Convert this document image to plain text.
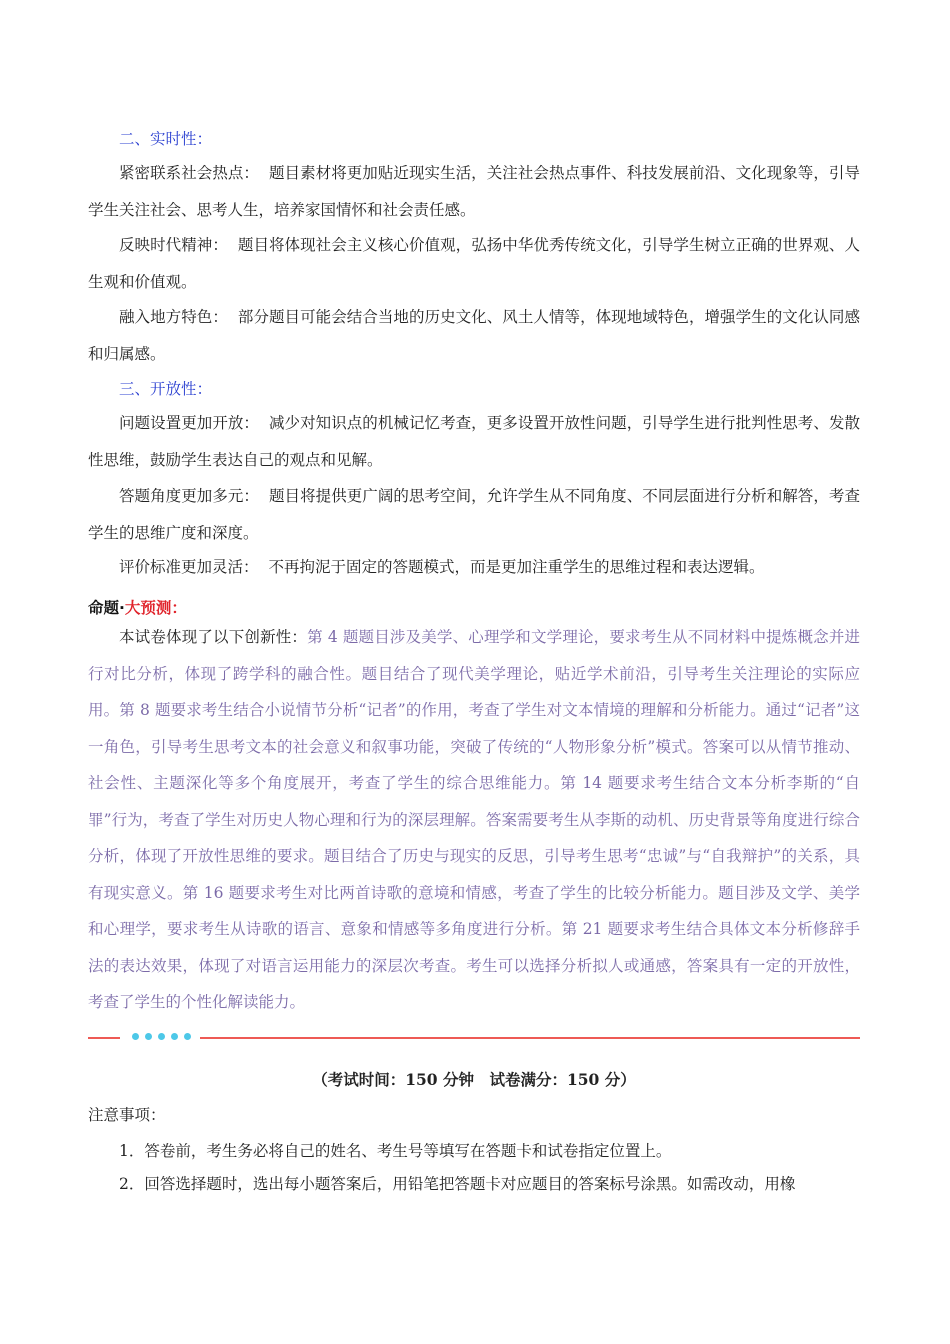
二、实时性：

紧密联系社会热点： 题目素材将更加贴近现实生活，关注社会热点事件、科技发展前沿、文化现象等，引导学生关注社会、思考人生，培养家国情怀和社会责任感。

反映时代精神： 题目将体现社会主义核心价值观，弘扬中华优秀传统文化，引导学生树立正确的世界观、人生观和价值观。

融入地方特色： 部分题目可能会结合当地的历史文化、风土人情等，体现地域特色，增强学生的文化认同感和归属感。

三、开放性：

问题设置更加开放： 减少对知识点的机械记忆考查，更多设置开放性问题，引导学生进行批判性思考、发散性思维，鼓励学生表达自己的观点和见解。

答题角度更加多元： 题目将提供更广阔的思考空间，允许学生从不同角度、不同层面进行分析和解答，考查学生的思维广度和深度。

评价标准更加灵活： 不再拘泥于固定的答题模式，而是更加注重学生的思维过程和表达逻辑。

命题·大预测：

本试卷体现了以下创新性：第 4 题题目涉及美学、心理学和文学理论，要求考生从不同材料中提炼概念并进行对比分析，体现了跨学科的融合性。题目结合了现代美学理论，贴近学术前沿，引导考生关注理论的实际应用。第 8 题要求考生结合小说情节分析“记者”的作用，考查了学生对文本情境的理解和分析能力。通过“记者”这一角色，引导考生思考文本的社会意义和叙事功能，突破了传统的“人物形象分析”模式。答案可以从情节推动、社会性、主题深化等多个角度展开，考查了学生的综合思维能力。第 14 题要求考生结合文本分析李斯的“自罪”行为，考查了学生对历史人物心理和行为的深层理解。答案需要考生从李斯的动机、历史背景等角度进行综合分析，体现了开放性思维的要求。题目结合了历史与现实的反思，引导考生思考“忠诚”与“自我辩护”的关系，具有现实意义。第 16 题要求考生对比两首诗歌的意境和情感，考查了学生的比较分析能力。题目涉及文学、美学和心理学，要求考生从诗歌的语言、意象和情感等多角度进行分析。第 21 题要求考生结合具体文本分析修辞手法的表达效果，体现了对语言运用能力的深层次考查。考生可以选择分析拟人或通感，答案具有一定的开放性，考查了学生的个性化解读能力。

（考试时间：150 分钟　试卷满分：150 分）
注意事项：

1．答卷前，考生务必将自己的姓名、考生号等填写在答题卡和试卷指定位置上。

2．回答选择题时，选出每小题答案后，用铅笔把答题卡对应题目的答案标号涂黑。如需改动，用橡
